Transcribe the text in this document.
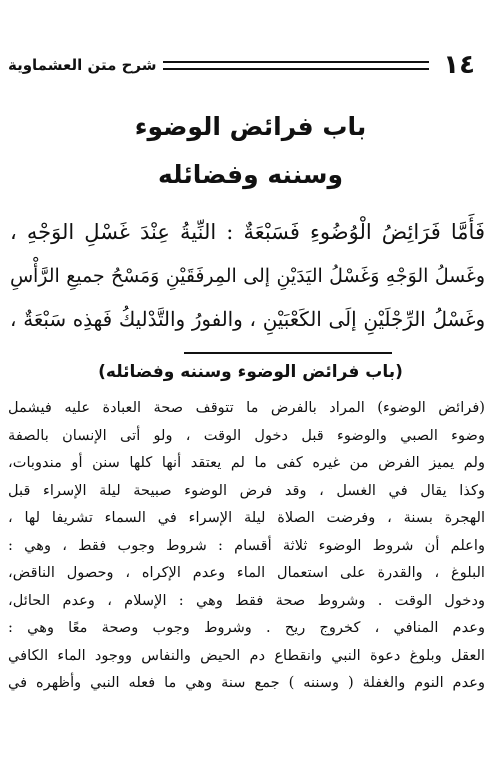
شرح متن العشماوية	١٤
باب فرائض الوضوء
وسننه وفضائله
فَأَمَّا فَرَائِضُ الْوُضُوءِ فَسَبْعَةٌ : النِّيةُ عِنْدَ غَسْلِ الوَجْهِ ،
وغَسلُ الوَجْهِ وَغَسْلُ اليَدَيْنِ إلى المِرفَقَيْنِ وَمَسْحُ جميعِ الرَّأْسِ
وغَسْلُ الرِّجْلَيْنِ إلَى الكَعْبَيْنِ ، والفورُ والتَّدْليكُ فَهذِه سَبْعَةٌ ،
(باب فرائض الوضوء وسننه وفضائله)
(فرائض الوضوء) المراد بالفرض ما تتوقف صحة العبادة عليه فيشمل
وضوء الصبي والوضوء قبل دخول الوقت ، ولو أتى الإنسان بالصفة
ولم يميز الفرض من غيره كفى ما لم يعتقد أنها كلها سنن أو مندوبات،
وكذا يقال في الغسل ، وقد فرض الوضوء صبيحة ليلة الإسراء قبل
الهجرة بسنة ، وفرضت الصلاة ليلة الإسراء في السماء تشريفا لها ،
واعلم أن شروط الوضوء ثلاثة أقسام : شروط وجوب فقط ، وهي :
البلوغ ، والقدرة على استعمال الماء وعدم الإكراه ، وحصول الناقض،
ودخول الوقت . وشروط صحة فقط وهي : الإسلام ، وعدم الحائل،
وعدم المنافي ، كخروج ريح . وشروط وجوب وصحة معًا وهي :
العقل وبلوغ دعوة النبي وانقطاع دم الحيض والنفاس ووجود الماء الكافي
وعدم النوم والغفلة ( وسننه ) جمع سنة وهي ما فعله النبي وأظهره في
